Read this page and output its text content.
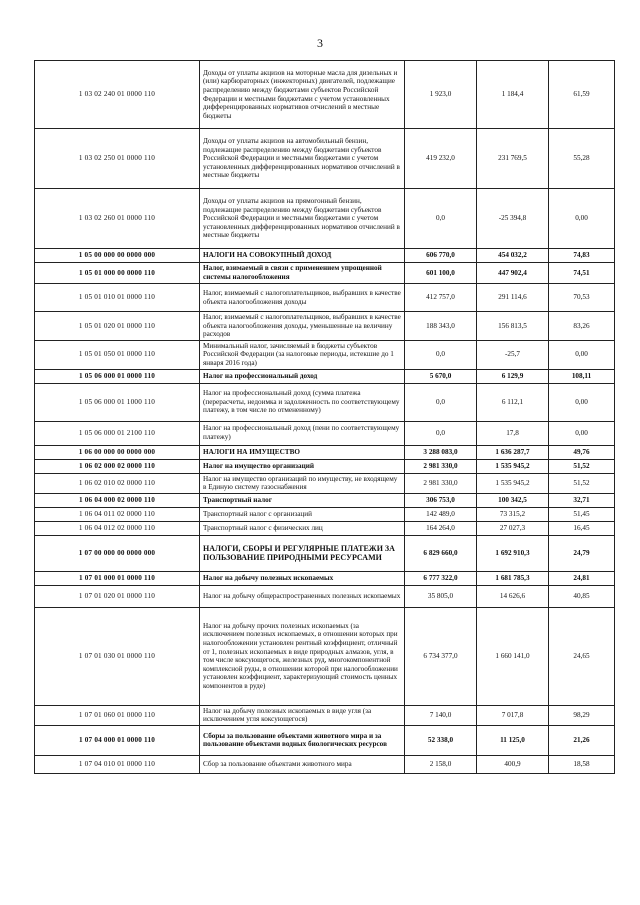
3
1 03 02 240 01 0000 110	Доходы от уплаты акцизов на моторные масла для дизельных и (или) карбюраторных (инжекторных) двигателей, подлежащие распределению между бюджетами субъектов Российской Федерации и местными бюджетами с учетом установленных дифференцированных нормативов отчислений в местные бюджеты	1 923,0	1 184,4	61,59
1 03 02 250 01 0000 110	Доходы от уплаты акцизов на автомобильный бензин, подлежащие распределению между бюджетами субъектов Российской Федерации и местными бюджетами с учетом установленных дифференцированных нормативов отчислений в местные бюджеты	419 232,0	231 769,5	55,28
1 03 02 260 01 0000 110	Доходы от уплаты акцизов на прямогонный бензин, подлежащие распределению между бюджетами субъектов Российской Федерации и местными бюджетами с учетом установленных дифференцированных нормативов отчислений в местные бюджеты	0,0	-25 394,8	0,00
1 05 00 000 00 0000 000	НАЛОГИ НА СОВОКУПНЫЙ ДОХОД	606 770,0	454 032,2	74,83
1 05 01 000 00 0000 110	Налог, взимаемый в связи с применением упрощенной системы налогообложения	601 100,0	447 902,4	74,51
1 05 01 010 01 0000 110	Налог, взимаемый с налогоплательщиков, выбравших в качестве объекта налогообложения доходы	412 757,0	291 114,6	70,53
1 05 01 020 01 0000 110	Налог, взимаемый с налогоплательщиков, выбравших в качестве объекта налогообложения доходы, уменьшенные на величину расходов	188 343,0	156 813,5	83,26
1 05 01 050 01 0000 110	Минимальный налог, зачисляемый в бюджеты субъектов Российской Федерации (за налоговые периоды, истекшие до 1 января 2016 года)	0,0	-25,7	0,00
1 05 06 000 01 0000 110	Налог на профессиональный доход	5 670,0	6 129,9	108,11
1 05 06 000 01 1000 110	Налог на профессиональный доход (сумма платежа (перерасчеты, недоимка и задолженность по соответствующему платежу, в том числе по отмененному)	0,0	6 112,1	0,00
1 05 06 000 01 2100 110	Налог на профессиональный доход (пени по соответствующему платежу)	0,0	17,8	0,00
1 06 00 000 00 0000 000	НАЛОГИ НА ИМУЩЕСТВО	3 288 083,0	1 636 287,7	49,76
1 06 02 000 02 0000 110	Налог на имущество организаций	2 981 330,0	1 535 945,2	51,52
1 06 02 010 02 0000 110	Налог на имущество организаций по имуществу, не входящему в Единую систему газоснабжения	2 981 330,0	1 535 945,2	51,52
1 06 04 000 02 0000 110	Транспортный налог	306 753,0	100 342,5	32,71
1 06 04 011 02 0000 110	Транспортный налог с организаций	142 489,0	73 315,2	51,45
1 06 04 012 02 0000 110	Транспортный налог с физических лиц	164 264,0	27 027,3	16,45
1 07 00 000 00 0000 000	НАЛОГИ, СБОРЫ И РЕГУЛЯРНЫЕ ПЛАТЕЖИ ЗА ПОЛЬЗОВАНИЕ ПРИРОДНЫМИ РЕСУРСАМИ	6 829 660,0	1 692 910,3	24,79
1 07 01 000 01 0000 110	Налог на добычу полезных ископаемых	6 777 322,0	1 681 785,3	24,81
1 07 01 020 01 0000 110	Налог на добычу общераспространенных полезных ископаемых	35 805,0	14 626,6	40,85
1 07 01 030 01 0000 110	Налог на добычу прочих полезных ископаемых (за исключением полезных ископаемых, в отношении которых при налогообложении установлен рентный коэффициент, отличный от 1, полезных ископаемых в виде природных алмазов, угля, в том числе коксующегося, железных руд, многокомпонентной комплексной руды, в отношении которой при налогообложении установлен коэффициент, характеризующий стоимость ценных компонентов в руде)	6 734 377,0	1 660 141,0	24,65
1 07 01 060 01 0000 110	Налог на добычу полезных ископаемых в виде угля (за исключением угля коксующегося)	7 140,0	7 017,8	98,29
1 07 04 000 01 0000 110	Сборы за пользование объектами животного мира и за пользование объектами водных биологических ресурсов	52 338,0	11 125,0	21,26
1 07 04 010 01 0000 110	Сбор за пользование объектами животного мира	2 158,0	400,9	18,58
